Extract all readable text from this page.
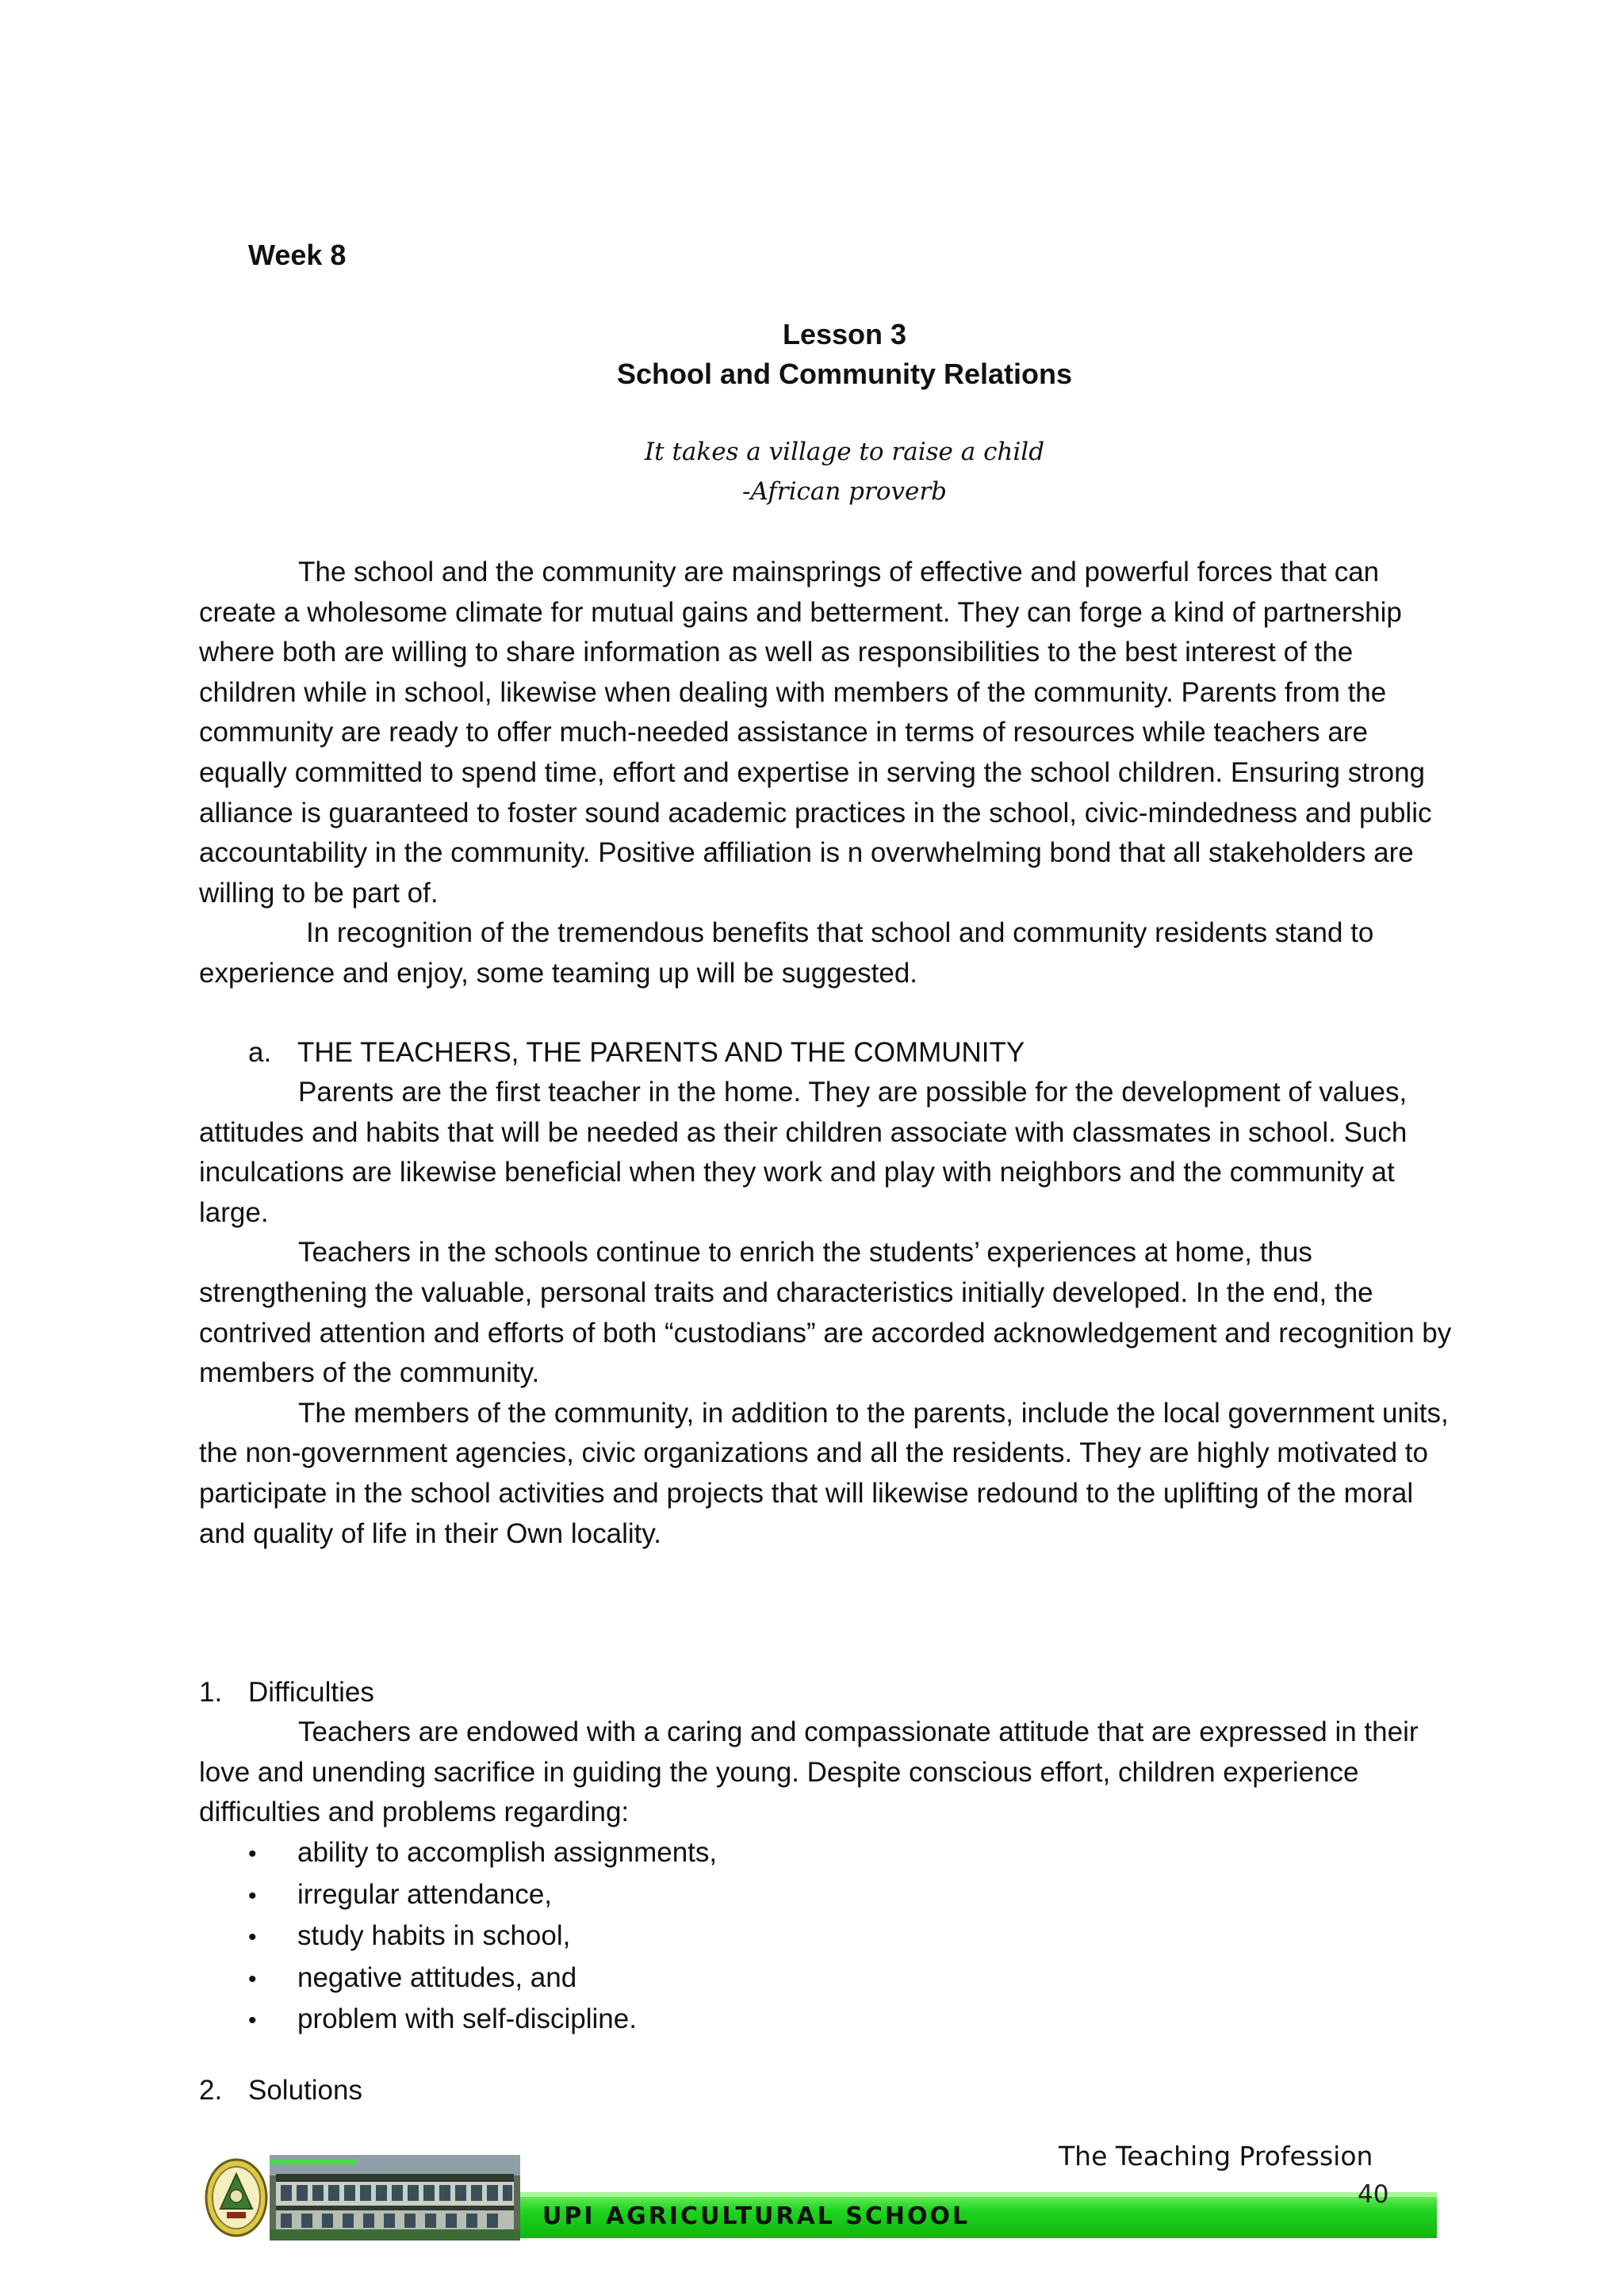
Week 8
Lesson 3
School and Community Relations
It takes a village to raise a child
-African proverb

The school and the community are mainsprings of effective and powerful forces that can create a wholesome climate for mutual gains and betterment. They can forge a kind of partnership where both are willing to share information as well as responsibilities to the best interest of the children while in school, likewise when dealing with members of the community. Parents from the community are ready to offer much-needed assistance in terms of resources while teachers are equally committed to spend time, effort and expertise in serving the school children. Ensuring strong alliance is guaranteed to foster sound academic practices in the school, civic-mindedness and public accountability in the community. Positive affiliation is n overwhelming bond that all stakeholders are willing to be part of.

In recognition of the tremendous benefits that school and community residents stand to experience and enjoy, some teaming up will be suggested.

a. THE TEACHERS, THE PARENTS AND THE COMMUNITY

Parents are the first teacher in the home. They are possible for the development of values, attitudes and habits that will be needed as their children associate with classmates in school. Such inculcations are likewise beneficial when they work and play with neighbors and the community at large.

Teachers in the schools continue to enrich the students’ experiences at home, thus strengthening the valuable, personal traits and characteristics initially developed. In the end, the contrived attention and efforts of both “custodians” are accorded acknowledgement and recognition by members of the community.

The members of the community, in addition to the parents, include the local government units, the non-government agencies, civic organizations and all the residents. They are highly motivated to participate in the school activities and projects that will likewise redound to the uplifting of the moral and quality of life in their Own locality.

1. Difficulties

Teachers are endowed with a caring and compassionate attitude that are expressed in their love and unending sacrifice in guiding the young. Despite conscious effort, children experience difficulties and problems regarding:

•	ability to accomplish assignments,
•	irregular attendance,
•	study habits in school,
•	negative attitudes, and
•	problem with self-discipline.
2. Solutions
The Teaching Profession
40
UPI AGRICULTURAL SCHOOL
